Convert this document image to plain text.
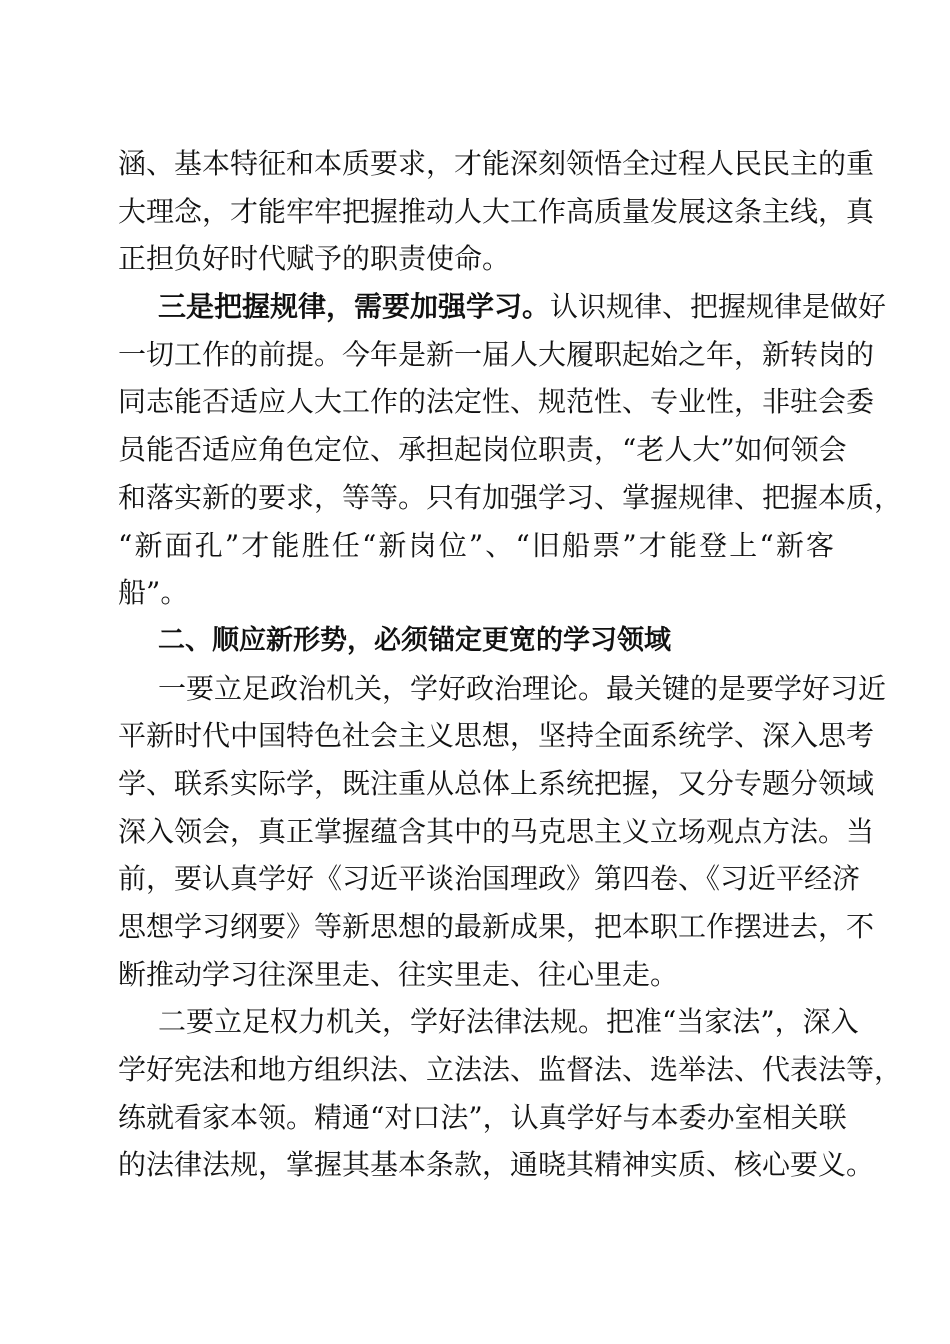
涵、基本特征和本质要求，才能深刻领悟全过程人民民主的重
大理念，才能牢牢把握推动人大工作高质量发展这条主线，真
正担负好时代赋予的职责使命。
三是把握规律，需要加强学习。认识规律、把握规律是做好
一切工作的前提。今年是新一届人大履职起始之年，新转岗的
同志能否适应人大工作的法定性、规范性、专业性，非驻会委
员能否适应角色定位、承担起岗位职责，“老人大”如何领会
和落实新的要求，等等。只有加强学习、掌握规律、把握本质，
“新面孔”才能胜任“新岗位”、“旧船票”才能登上“新客
船”。
二、顺应新形势，必须锚定更宽的学习领域
一要立足政治机关，学好政治理论。最关键的是要学好习近
平新时代中国特色社会主义思想，坚持全面系统学、深入思考
学、联系实际学，既注重从总体上系统把握，又分专题分领域
深入领会，真正掌握蕴含其中的马克思主义立场观点方法。当
前，要认真学好《习近平谈治国理政》第四卷、《习近平经济
思想学习纲要》等新思想的最新成果，把本职工作摆进去，不
断推动学习往深里走、往实里走、往心里走。
二要立足权力机关，学好法律法规。把准“当家法”，深入
学好宪法和地方组织法、立法法、监督法、选举法、代表法等，
练就看家本领。精通“对口法”，认真学好与本委办室相关联
的法律法规，掌握其基本条款，通晓其精神实质、核心要义。
